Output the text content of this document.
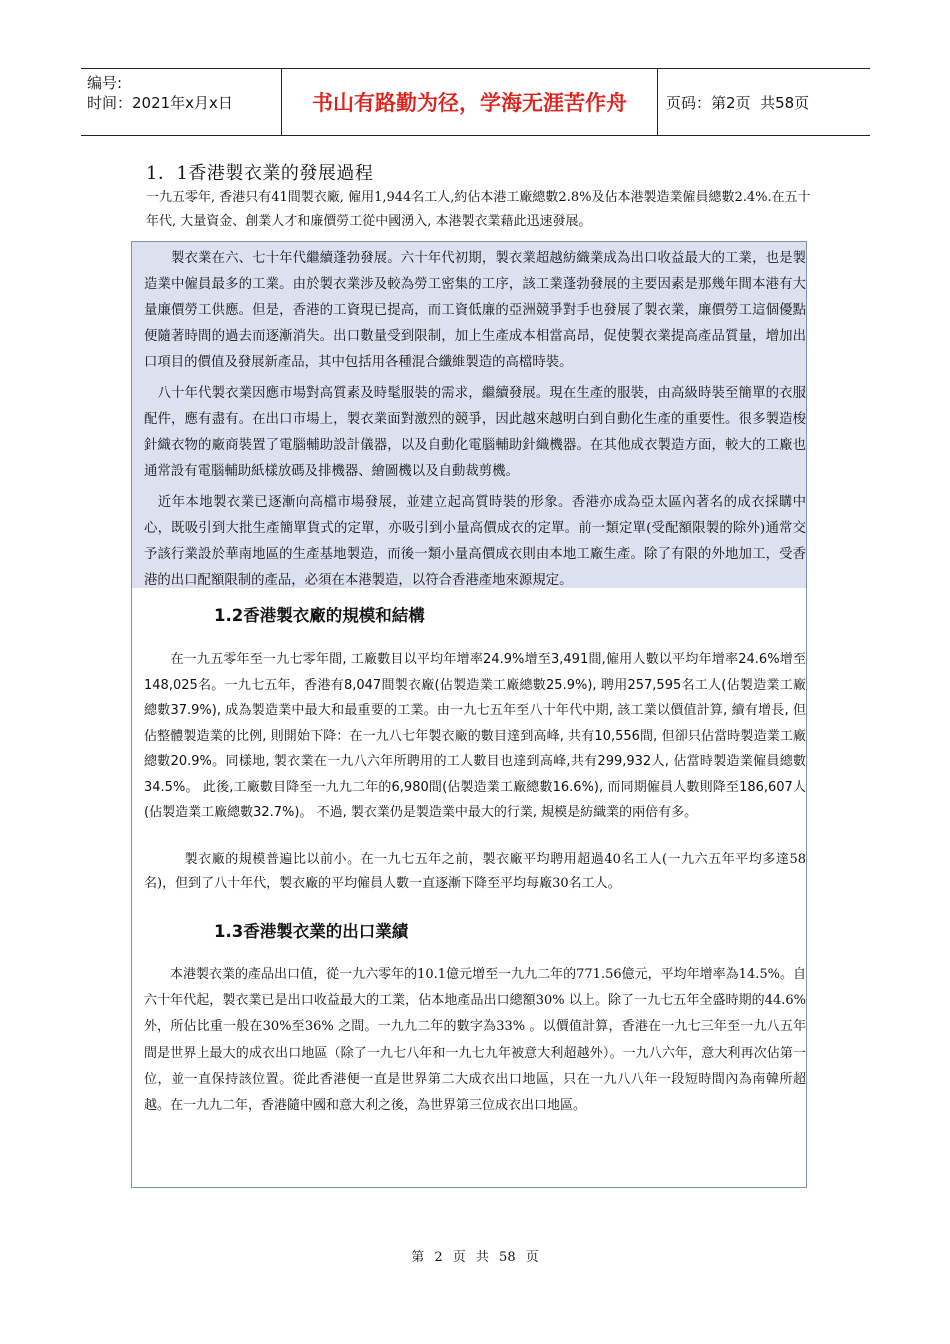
编号:
时间：2021年x月x日	书山有路勤为径，学海无涯苦作舟	页码：第2页  共58页
1．1香港製衣業的發展過程
一九五零年, 香港只有41間製衣廠, 僱用1,944名工人,約佔本港工廠總數2.8%及佔本港製造業僱員總數2.4%.在五十年代, 大量資金、創業人才和廉價勞工從中國湧入, 本港製衣業藉此迅速發展。
　　製衣業在六、七十年代繼續蓬勃發展。六十年代初期，製衣業超越紡織業成為出口收益最大的工業，也是製造業中僱員最多的工業。由於製衣業涉及較為勞工密集的工序，該工業蓬勃發展的主要因素是那幾年間本港有大量廉價勞工供應。但是，香港的工資現已提高，而工資低廉的亞洲競爭對手也發展了製衣業，廉價勞工這個優點便隨著時間的過去而逐漸消失。出口數量受到限制，加上生產成本相當高昂，促使製衣業提高產品質量，增加出口項目的價值及發展新產品，其中包括用各種混合纖維製造的高檔時裝。
　八十年代製衣業因應市場對高質素及時髦服裝的需求，繼續發展。現在生產的服裝，由高級時裝至簡單的衣服配件，應有盡有。在出口市場上，製衣業面對激烈的競爭，因此越來越明白到自動化生產的重要性。很多製造梭針織衣物的廠商裝置了電腦輔助設計儀器，以及自動化電腦輔助針織機器。在其他成衣製造方面，較大的工廠也通常設有電腦輔助紙樣放碼及排機器、繪圖機以及自動裁剪機。
　近年本地製衣業已逐漸向高檔市場發展，並建立起高質時裝的形象。香港亦成為亞太區內著名的成衣採購中心，既吸引到大批生產簡單貨式的定單，亦吸引到小量高價成衣的定單。前一類定單(受配額限製的除外)通常交予該行業設於華南地區的生產基地製造，而後一類小量高價成衣則由本地工廠生產。除了有限的外地加工，受香港的出口配額限制的產品，必須在本港製造，以符合香港產地來源規定。
1.2香港製衣廠的規模和結構
　　在一九五零年至一九七零年間, 工廠數目以平均年增率24.9%增至3,491間,僱用人數以平均年增率24.6%增至148,025名。一九七五年，香港有8,047間製衣廠(佔製造業工廠總數25.9%), 聘用257,595名工人(佔製造業工廠總數37.9%), 成為製造業中最大和最重要的工業。由一九七五年至八十年代中期, 該工業以價值計算, 續有增長, 但佔整體製造業的比例, 則開始下降：在一九八七年製衣廠的數目達到高峰, 共有10,556間, 但卻只佔當時製造業工廠總數20.9%。同樣地, 製衣業在一九八六年所聘用的工人數目也達到高峰,共有299,932人, 佔當時製造業僱員總數34.5%。 此後,工廠數目降至一九九二年的6,980間(佔製造業工廠總數16.6%), 而同期僱員人數則降至186,607人(佔製造業工廠總數32.7%)。 不過, 製衣業仍是製造業中最大的行業, 規模是紡織業的兩倍有多。
　　　製衣廠的規模普遍比以前小。在一九七五年之前，製衣廠平均聘用超過40名工人(一九六五年平均多達58名)，但到了八十年代，製衣廠的平均僱員人數一直逐漸下降至平均每廠30名工人。
1.3香港製衣業的出口業績
　　本港製衣業的產品出口值，從一九六零年的10.1億元增至一九九二年的771.56億元，平均年增率為14.5%。自六十年代起，製衣業已是出口收益最大的工業，佔本地產品出口總額30% 以上。除了一九七五年全盛時期的44.6% 外，所佔比重一般在30%至36% 之間。一九九二年的數字為33% 。以價值計算，香港在一九七三年至一九八五年間是世界上最大的成衣出口地區（除了一九七八年和一九七九年被意大利超越外）。一九八六年，意大利再次佔第一位，並一直保持該位置。從此香港便一直是世界第二大成衣出口地區，只在一九八八年一段短時間內為南韓所超越。在一九九二年，香港隨中國和意大利之後，為世界第三位成衣出口地區。
第 2 页 共 58 页
